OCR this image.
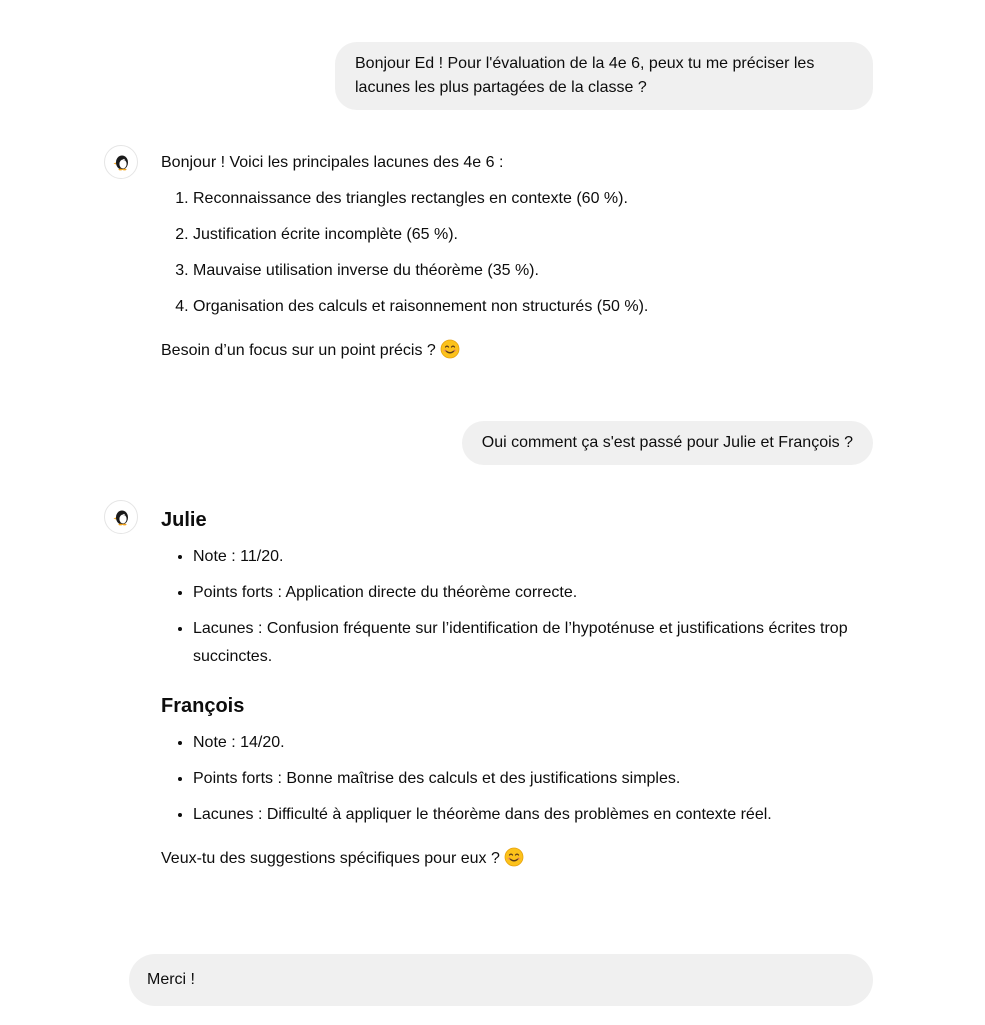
Bonjour Ed ! Pour l'évaluation de la 4e 6, peux tu me préciser les lacunes les plus partagées de la classe ?

Bonjour ! Voici les principales lacunes des 4e 6 :

1. Reconnaissance des triangles rectangles en contexte (60 %).
2. Justification écrite incomplète (65 %).
3. Mauvaise utilisation inverse du théorème (35 %).
4. Organisation des calculs et raisonnement non structurés (50 %).

Besoin d’un focus sur un point précis ?

Oui comment ça s'est passé pour Julie et François ?
Julie
• Note : 11/20.
• Points forts : Application directe du théorème correcte.
• Lacunes : Confusion fréquente sur l’identification de l’hypoténuse et justifications écrites trop succinctes.
François
• Note : 14/20.
• Points forts : Bonne maîtrise des calculs et des justifications simples.
• Lacunes : Difficulté à appliquer le théorème dans des problèmes en contexte réel.

Veux-tu des suggestions spécifiques pour eux ?

Merci !
